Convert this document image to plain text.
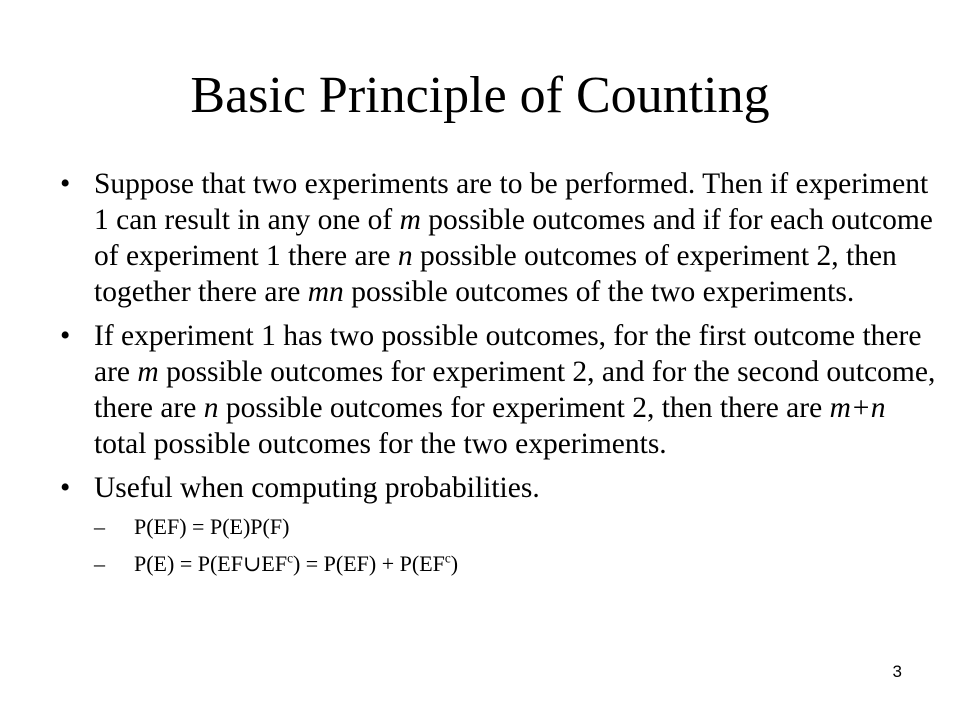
Basic Principle of Counting
• Suppose that two experiments are to be performed. Then if experiment 1 can result in any one of m possible outcomes and if for each outcome of experiment 1 there are n possible outcomes of experiment 2, then together there are mn possible outcomes of the two experiments.
• If experiment 1 has two possible outcomes, for the first outcome there are m possible outcomes for experiment 2, and for the second outcome, there are n possible outcomes for experiment 2, then there are m+n total possible outcomes for the two experiments.
• Useful when computing probabilities.
– P(EF) = P(E)P(F)
– $P(E) = P(EF\cup EF^c) = P(EF) + P(EF^c)$
3
